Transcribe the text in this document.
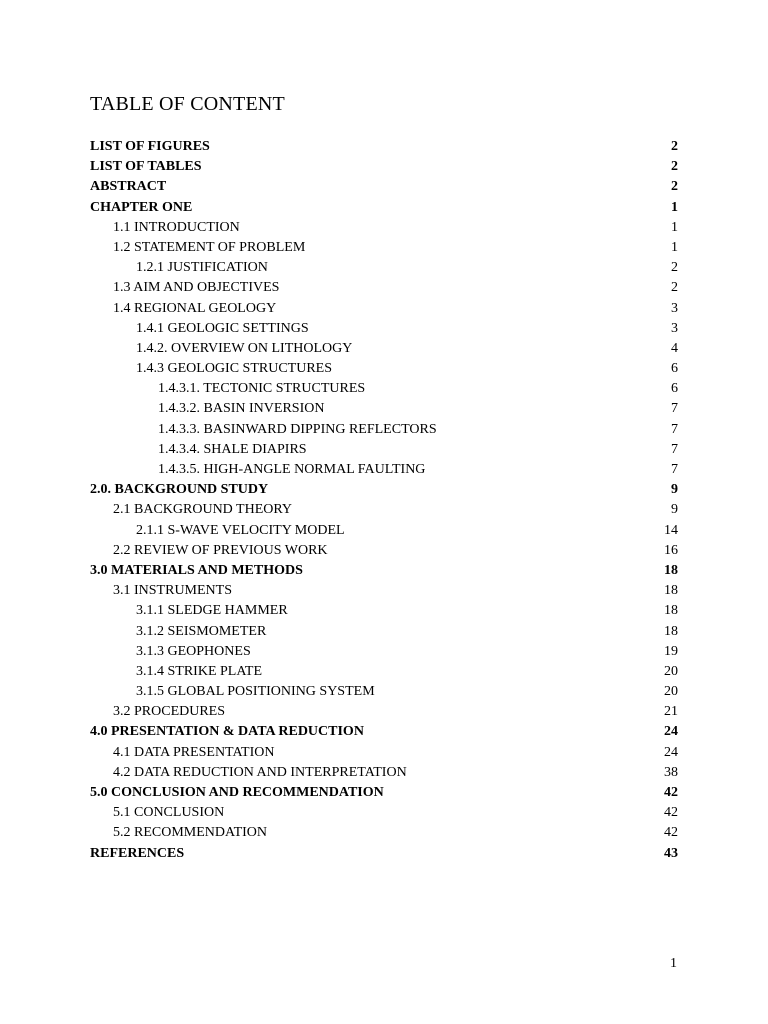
TABLE OF CONTENT
LIST OF FIGURES	2
LIST OF TABLES	2
ABSTRACT	2
CHAPTER ONE	1
1.1 INTRODUCTION	1
1.2 STATEMENT OF PROBLEM	1
1.2.1 JUSTIFICATION	2
1.3 AIM AND OBJECTIVES	2
1.4 REGIONAL GEOLOGY	3
1.4.1 GEOLOGIC SETTINGS	3
1.4.2. OVERVIEW ON LITHOLOGY	4
1.4.3 GEOLOGIC STRUCTURES	6
1.4.3.1. TECTONIC STRUCTURES	6
1.4.3.2. BASIN INVERSION	7
1.4.3.3. BASINWARD DIPPING REFLECTORS	7
1.4.3.4. SHALE DIAPIRS	7
1.4.3.5. HIGH-ANGLE NORMAL FAULTING	7
2.0. BACKGROUND STUDY	9
2.1 BACKGROUND THEORY	9
2.1.1 S-WAVE VELOCITY MODEL	14
2.2 REVIEW OF PREVIOUS WORK	16
3.0 MATERIALS AND METHODS	18
3.1 INSTRUMENTS	18
3.1.1 SLEDGE HAMMER	18
3.1.2 SEISMOMETER	18
3.1.3 GEOPHONES	19
3.1.4 STRIKE PLATE	20
3.1.5 GLOBAL POSITIONING SYSTEM	20
3.2 PROCEDURES	21
4.0 PRESENTATION & DATA REDUCTION	24
4.1 DATA PRESENTATION	24
4.2 DATA REDUCTION AND INTERPRETATION	38
5.0 CONCLUSION AND RECOMMENDATION	42
5.1 CONCLUSION	42
5.2 RECOMMENDATION	42
REFERENCES	43
1
